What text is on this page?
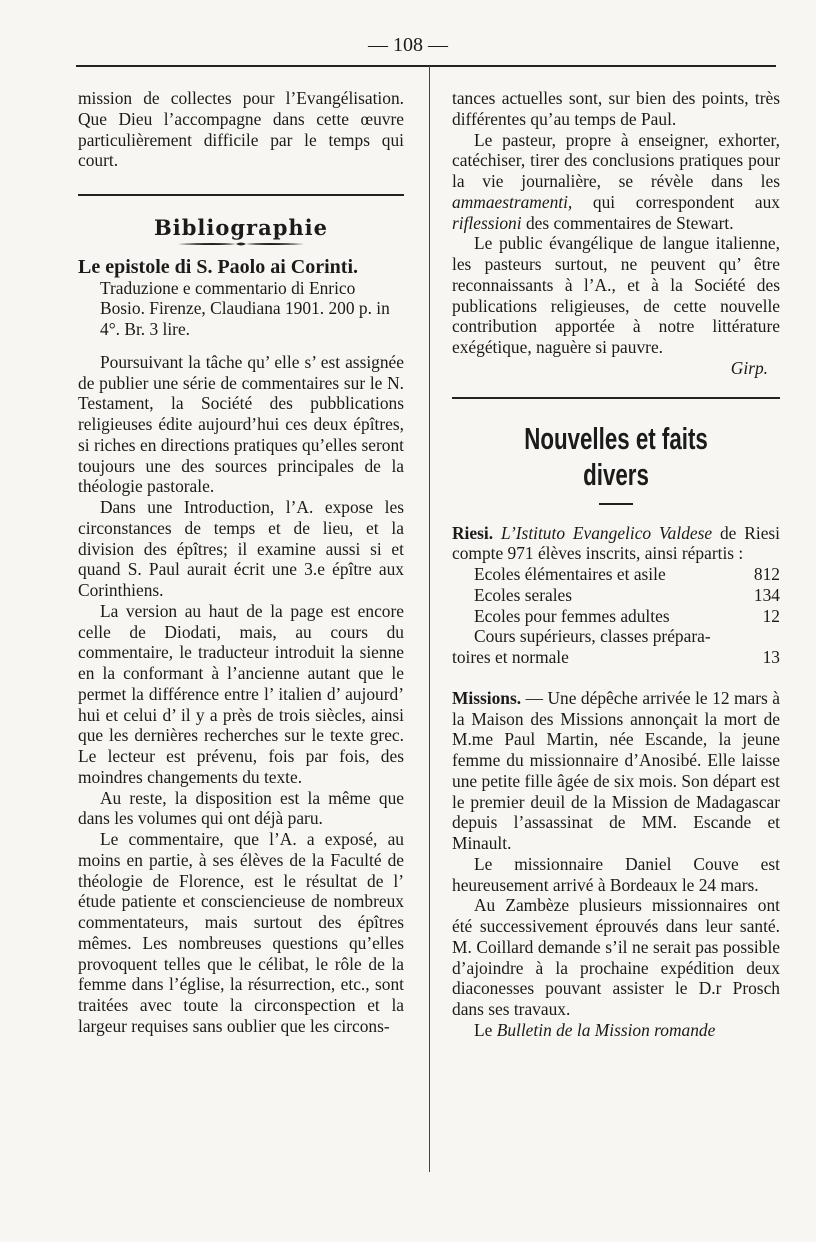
— 108 —

mission de collectes pour l’Evangélisation. Que Dieu l’accompagne dans cette œuvre particulièrement difficile par le temps qui court.

Bibliographie

Le epistole di S. Paolo ai Corinti.

Traduzione e commentario di Enrico Bosio. Firenze, Claudiana 1901. 200 p. in 4°. Br. 3 lire.

Poursuivant la tâche qu’ elle s’ est assignée de publier une série de commentaires sur le N. Testament, la Société des pubblications religieuses édite aujourd’hui ces deux épîtres, si riches en directions pratiques qu’elles seront toujours une des sources principales de la théologie pastorale.

Dans une Introduction, l’A. expose les circonstances de temps et de lieu, et la division des épîtres; il examine aussi si et quand S. Paul aurait écrit une 3.e épître aux Corinthiens.

La version au haut de la page est encore celle de Diodati, mais, au cours du commentaire, le traducteur introduit la sienne en la conformant à l’ancienne autant que le permet la différence entre l’ italien d’ aujourd’ hui et celui d’ il y a près de trois siècles, ainsi que les dernières recherches sur le texte grec. Le lecteur est prévenu, fois par fois, des moindres changements du texte.

Au reste, la disposition est la même que dans les volumes qui ont déjà paru.

Le commentaire, que l’A. a exposé, au moins en partie, à ses élèves de la Faculté de théologie de Florence, est le résultat de l’ étude patiente et consciencieuse de nombreux commentateurs, mais surtout des épîtres mêmes. Les nombreuses questions qu’elles provoquent telles que le célibat, le rôle de la femme dans l’église, la résurrection, etc., sont traitées avec toute la circonspection et la largeur requises sans oublier que les circons-

tances actuelles sont, sur bien des points, très différentes qu’au temps de Paul.

Le pasteur, propre à enseigner, exhorter, catéchiser, tirer des conclusions pratiques pour la vie journalière, se révèle dans les ammaestramenti, qui correspondent aux riflessioni des commentaires de Stewart.

Le public évangélique de langue italienne, les pasteurs surtout, ne peuvent qu’ être reconnaissants à l’A., et à la Société des publications religieuses, de cette nouvelle contribution apportée à notre littérature exégétique, naguère si pauvre.

Girp.

Nouvelles et faits divers

Riesi. L’Istituto Evangelico Valdese de Riesi compte 971 élèves inscrits, ainsi répartis :

Ecoles élémentaires et asile	812
Ecoles serales	134
Ecoles pour femmes adultes	12

Cours supérieurs, classes prépara-

toires et normale	13

Missions. — Une dépêche arrivée le 12 mars à la Maison des Missions annonçait la mort de M.me Paul Martin, née Escande, la jeune femme du missionnaire d’Anosibé. Elle laisse une petite fille âgée de six mois. Son départ est le premier deuil de la Mission de Madagascar depuis l’assassinat de MM. Escande et Minault.

Le missionnaire Daniel Couve est heureusement arrivé à Bordeaux le 24 mars.

Au Zambèze plusieurs missionnaires ont été successivement éprouvés dans leur santé. M. Coillard demande s’il ne serait pas possible d’ajoindre à la prochaine expédition deux diaconesses pouvant assister le D.r Prosch dans ses travaux.

Le Bulletin de la Mission romande
